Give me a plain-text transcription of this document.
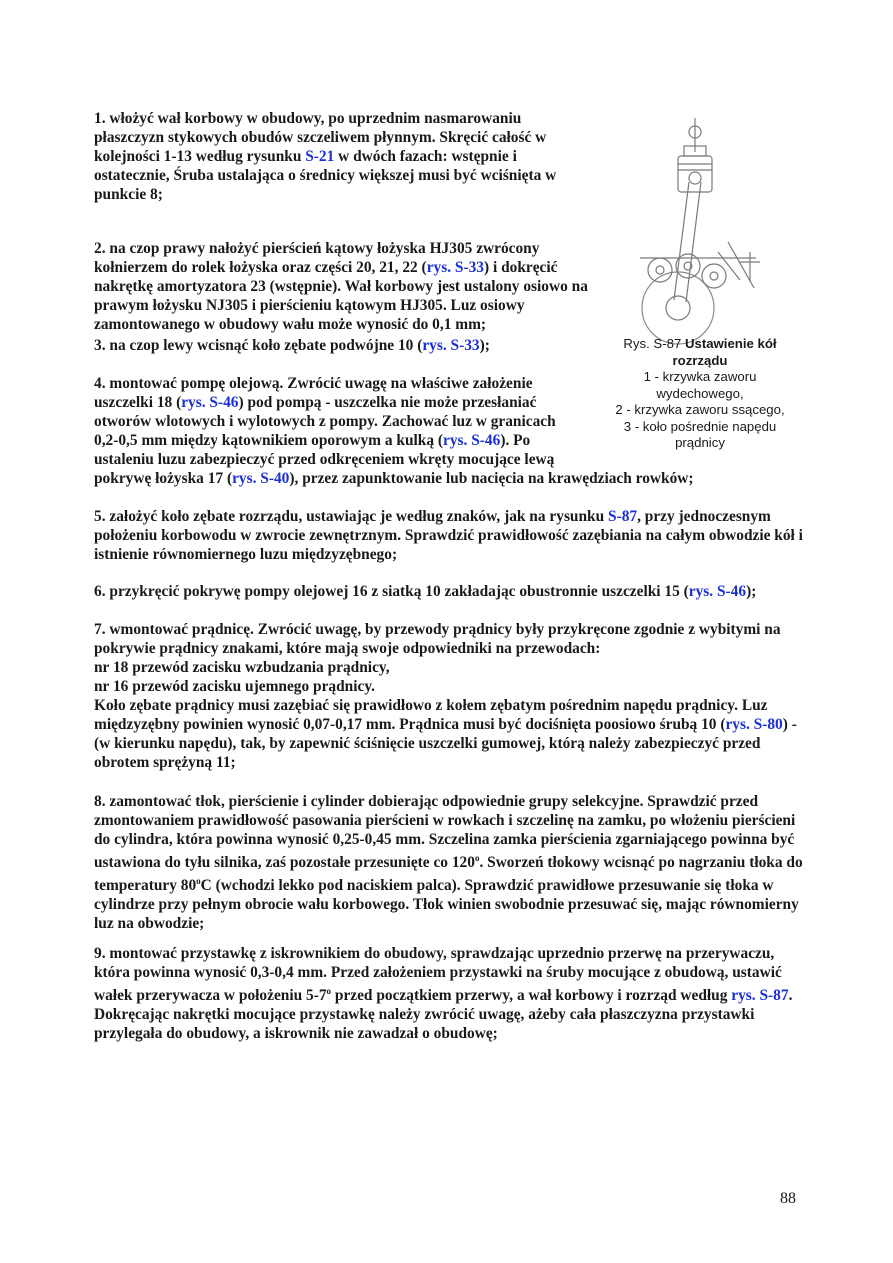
1. włożyć wał korbowy w obudowy, po uprzednim nasmarowaniu płaszczyzn stykowych obudów szczeliwem płynnym. Skręcić całość w kolejności 1-13 według rysunku S-21 w dwóch fazach: wstępnie i ostatecznie, Śruba ustalająca o średnicy większej musi być wciśnięta w punkcie 8;

2. na czop prawy nałożyć pierścień kątowy łożyska HJ305 zwrócony kołnierzem do rolek łożyska oraz części 20, 21, 22 (rys. S-33) i dokręcić nakrętkę amortyzatora 23 (wstępnie). Wał korbowy jest ustalony osiowo na prawym łożysku NJ305 i pierścieniu kątowym HJ305. Luz osiowy zamontowanego w obudowy wału może wynosić do 0,1 mm;

3. na czop lewy wcisnąć koło zębate podwójne 10 (rys. S-33);

4. montować pompę olejową. Zwrócić uwagę na właściwe założenie uszczelki 18 (rys. S-46) pod pompą - uszczelka nie może przesłaniać otworów wlotowych i wylotowych z pompy. Zachować luz w granicach 0,2-0,5 mm między kątownikiem oporowym a kulką (rys. S-46). Po ustaleniu luzu zabezpieczyć przed odkręceniem wkręty mocujące lewą pokrywę łożyska 17 (rys. S-40), przez zapunktowanie lub nacięcia na krawędziach rowków;

5. założyć koło zębate rozrządu, ustawiając je według znaków, jak na rysunku S-87, przy jednoczesnym położeniu korbowodu w zwrocie zewnętrznym. Sprawdzić prawidłowość zazębiania na całym obwodzie kół i istnienie równomiernego luzu międzyzębnego;

6. przykręcić pokrywę pompy olejowej 16 z siatką 10 zakładając obustronnie uszczelki 15 (rys. S-46);

7. wmontować prądnicę. Zwrócić uwagę, by przewody prądnicy były przykręcone zgodnie z wybitymi na pokrywie prądnicy znakami, które mają swoje odpowiedniki na przewodach:
nr 18 przewód zacisku wzbudzania prądnicy,
nr 16 przewód zacisku ujemnego prądnicy.
Koło zębate prądnicy musi zazębiać się prawidłowo z kołem zębatym pośrednim napędu prądnicy. Luz międzyzębny powinien wynosić 0,07-0,17 mm. Prądnica musi być dociśnięta poosiowo śrubą 10 (rys. S-80) - (w kierunku napędu), tak, by zapewnić ściśnięcie uszczelki gumowej, którą należy zabezpieczyć przed obrotem sprężyną 11;

8. zamontować tłok, pierścienie i cylinder dobierając odpowiednie grupy selekcyjne. Sprawdzić przed zmontowaniem prawidłowość pasowania pierścieni w rowkach i szczelinę na zamku, po włożeniu pierścieni do cylindra, która powinna wynosić 0,25-0,45 mm. Szczelina zamka pierścienia zgarniającego powinna być ustawiona do tyłu silnika, zaś pozostałe przesunięte co 120$^o$. Sworzeń tłokowy wcisnąć po nagrzaniu tłoka do temperatury 80$^o$C (wchodzi lekko pod naciskiem palca). Sprawdzić prawidłowe przesuwanie się tłoka w cylindrze przy pełnym obrocie wału korbowego. Tłok winien swobodnie przesuwać się, mając równomierny luz na obwodzie;

9. montować przystawkę z iskrownikiem do obudowy, sprawdzając uprzednio przerwę na przerywaczu, która powinna wynosić 0,3-0,4 mm. Przed założeniem przystawki na śruby mocujące z obudową, ustawić wałek przerywacza w położeniu 5-7$^o$ przed początkiem przerwy, a wał korbowy i rozrząd według rys. S-87. Dokręcając nakrętki mocujące przystawkę należy zwrócić uwagę, ażeby cała płaszczyzna przystawki przylegała do obudowy, a iskrownik nie zawadzał o obudowę;

Rys. S-87 Ustawienie kół rozrządu
1 - krzywka zaworu wydechowego,
2 - krzywka zaworu ssącego,
3 - koło pośrednie napędu prądnicy
88
